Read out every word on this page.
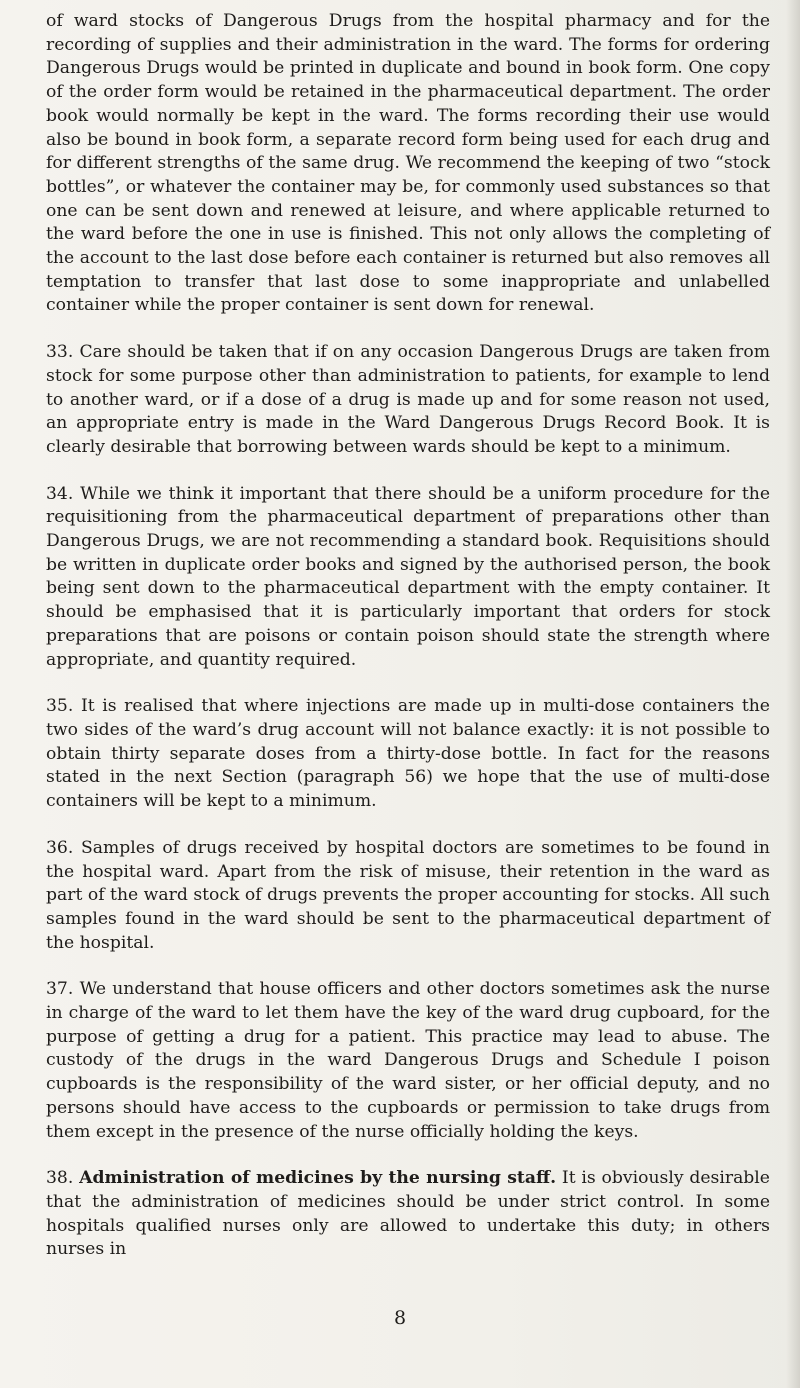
of ward stocks of Dangerous Drugs from the hospital pharmacy and for the recording of supplies and their administration in the ward. The forms for ordering Dangerous Drugs would be printed in duplicate and bound in book form. One copy of the order form would be retained in the pharmaceutical department. The order book would normally be kept in the ward. The forms recording their use would also be bound in book form, a separate record form being used for each drug and for different strengths of the same drug. We recommend the keeping of two “stock bottles”, or whatever the container may be, for commonly used substances so that one can be sent down and renewed at leisure, and where applicable returned to the ward before the one in use is finished. This not only allows the completing of the account to the last dose before each container is returned but also removes all temptation to transfer that last dose to some inappropriate and unlabelled container while the proper container is sent down for renewal.

33. Care should be taken that if on any occasion Dangerous Drugs are taken from stock for some purpose other than administration to patients, for example to lend to another ward, or if a dose of a drug is made up and for some reason not used, an appropriate entry is made in the Ward Dangerous Drugs Record Book. It is clearly desirable that borrowing between wards should be kept to a minimum.

34. While we think it important that there should be a uniform procedure for the requisitioning from the pharmaceutical department of preparations other than Dangerous Drugs, we are not recommending a standard book. Requisitions should be written in duplicate order books and signed by the authorised person, the book being sent down to the pharmaceutical department with the empty container. It should be emphasised that it is particularly important that orders for stock preparations that are poisons or contain poison should state the strength where appropriate, and quantity required.

35. It is realised that where injections are made up in multi-dose containers the two sides of the ward’s drug account will not balance exactly: it is not possible to obtain thirty separate doses from a thirty-dose bottle. In fact for the reasons stated in the next Section (paragraph 56) we hope that the use of multi-dose containers will be kept to a minimum.

36. Samples of drugs received by hospital doctors are sometimes to be found in the hospital ward. Apart from the risk of misuse, their retention in the ward as part of the ward stock of drugs prevents the proper accounting for stocks. All such samples found in the ward should be sent to the pharmaceutical department of the hospital.

37. We understand that house officers and other doctors sometimes ask the nurse in charge of the ward to let them have the key of the ward drug cupboard, for the purpose of getting a drug for a patient. This practice may lead to abuse. The custody of the drugs in the ward Dangerous Drugs and Schedule I poison cupboards is the responsibility of the ward sister, or her official deputy, and no persons should have access to the cupboards or permission to take drugs from them except in the presence of the nurse officially holding the keys.

38. Administration of medicines by the nursing staff. It is obviously desirable that the administration of medicines should be under strict control. In some hospitals qualified nurses only are allowed to undertake this duty; in others nurses in

8
